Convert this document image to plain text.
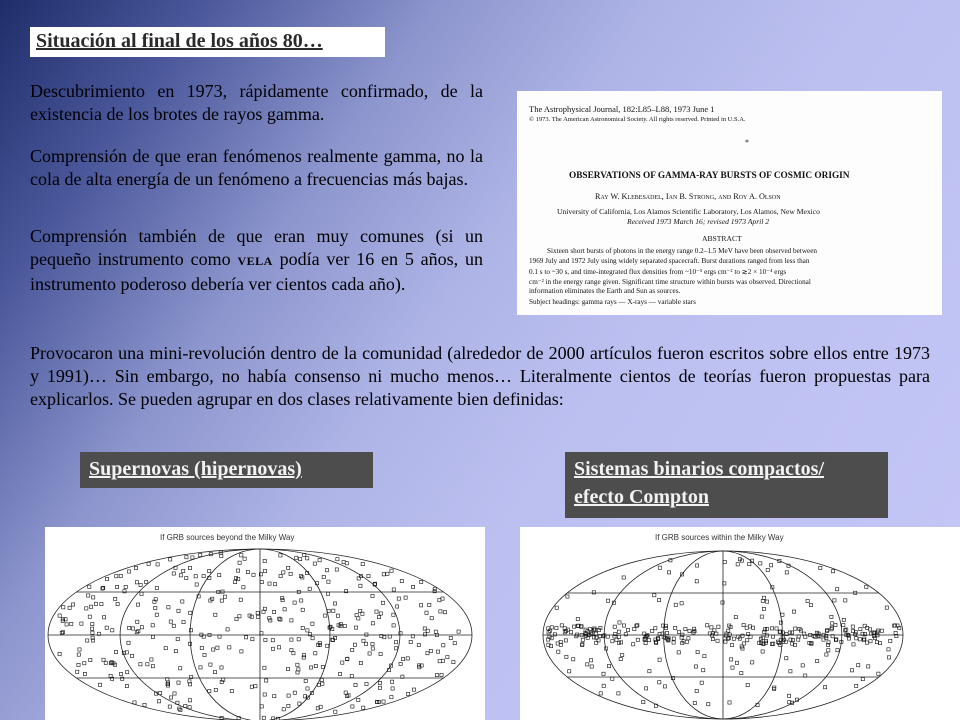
Situación al final de los años 80…

Descubrimiento en 1973, rápidamente confirmado, de la existencia de los brotes de rayos gamma.

Comprensión de que eran fenómenos realmente gamma, no la cola de alta energía de un fenómeno a frecuencias más bajas.

Comprensión también de que eran muy comunes (si un pequeño instrumento como VELA podía ver 16 en 5 años, un instrumento poderoso debería ver cientos cada año).

The Astrophysical Journal, 182:L85–L88, 1973 June 1
© 1973. The American Astronomical Society. All rights reserved. Printed in U.S.A.
*
OBSERVATIONS OF GAMMA-RAY BURSTS OF COSMIC ORIGIN
Ray W. Klebesadel, Ian B. Strong, and Roy A. Olson
University of California, Los Alamos Scientific Laboratory, Los Alamos, New Mexico
Received 1973 March 16; revised 1973 April 2
ABSTRACT
Sixteen short bursts of photons in the energy range 0.2–1.5 MeV have been observed between
1969 July and 1972 July using widely separated spacecraft. Burst durations ranged from less than
0.1 s to ~30 s, and time-integrated flux densities from ~10⁻⁵ ergs cm⁻² to ≳2 × 10⁻⁴ ergs
cm⁻² in the energy range given. Significant time structure within bursts was observed. Directional
information eliminates the Earth and Sun as sources.
Subject headings: gamma rays — X-rays — variable stars

Provocaron una mini-revolución dentro de la comunidad (alrededor de 2000 artículos fueron escritos sobre ellos entre 1973 y 1991)… Sin embargo, no había consenso ni mucho menos… Literalmente cientos de teorías fueron propuestas para explicarlos. Se pueden agrupar en dos clases relativamente bien definidas:

Supernovas (hipernovas)	Sistemas binarios compactos/
efecto Compton
If GRB sources beyond the Milky Way	If GRB sources within the Milky Way
